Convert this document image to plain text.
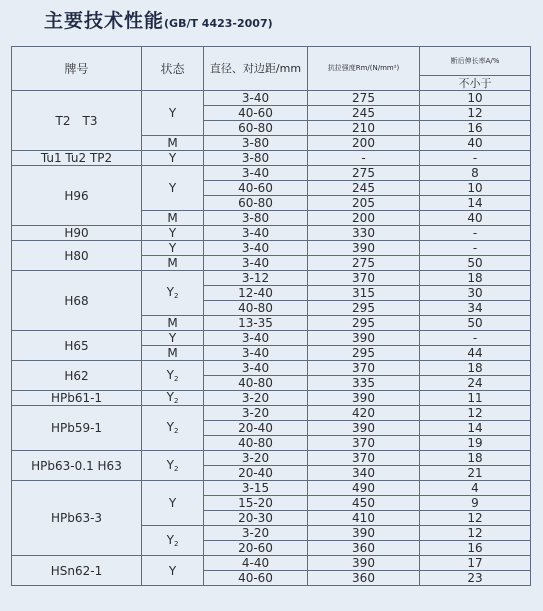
主要技术性能(GB/T 4423-2007)
牌号	状态	直径、对边距/mm	抗拉强度Rm/(N/mm²)	断后伸长率A/%
				不小于
T2　T3	Y	3-40	275	10
		40-60	245	12
		60-80	210	16
	M	3-80	200	40
Tu1 Tu2 TP2	Y	3-80	-	-
H96	Y	3-40	275	8
		40-60	245	10
		60-80	205	14
	M	3-80	200	40
H90	Y	3-40	330	-
H80	Y	3-40	390	-
	M	3-40	275	50
H68	$Y_2$	3-12	370	18
		12-40	315	30
		40-80	295	34
	M	13-35	295	50
H65	Y	3-40	390	-
	M	3-40	295	44
H62	$Y_2$	3-40	370	18
		40-80	335	24
HPb61-1	$Y_2$	3-20	390	11
HPb59-1	$Y_2$	3-20	420	12
		20-40	390	14
		40-80	370	19
HPb63-0.1 H63	$Y_2$	3-20	370	18
		20-40	340	21
HPb63-3	Y	3-15	490	4
		15-20	450	9
		20-30	410	12
	$Y_2$	3-20	390	12
		20-60	360	16
HSn62-1	Y	4-40	390	17
		40-60	360	23
